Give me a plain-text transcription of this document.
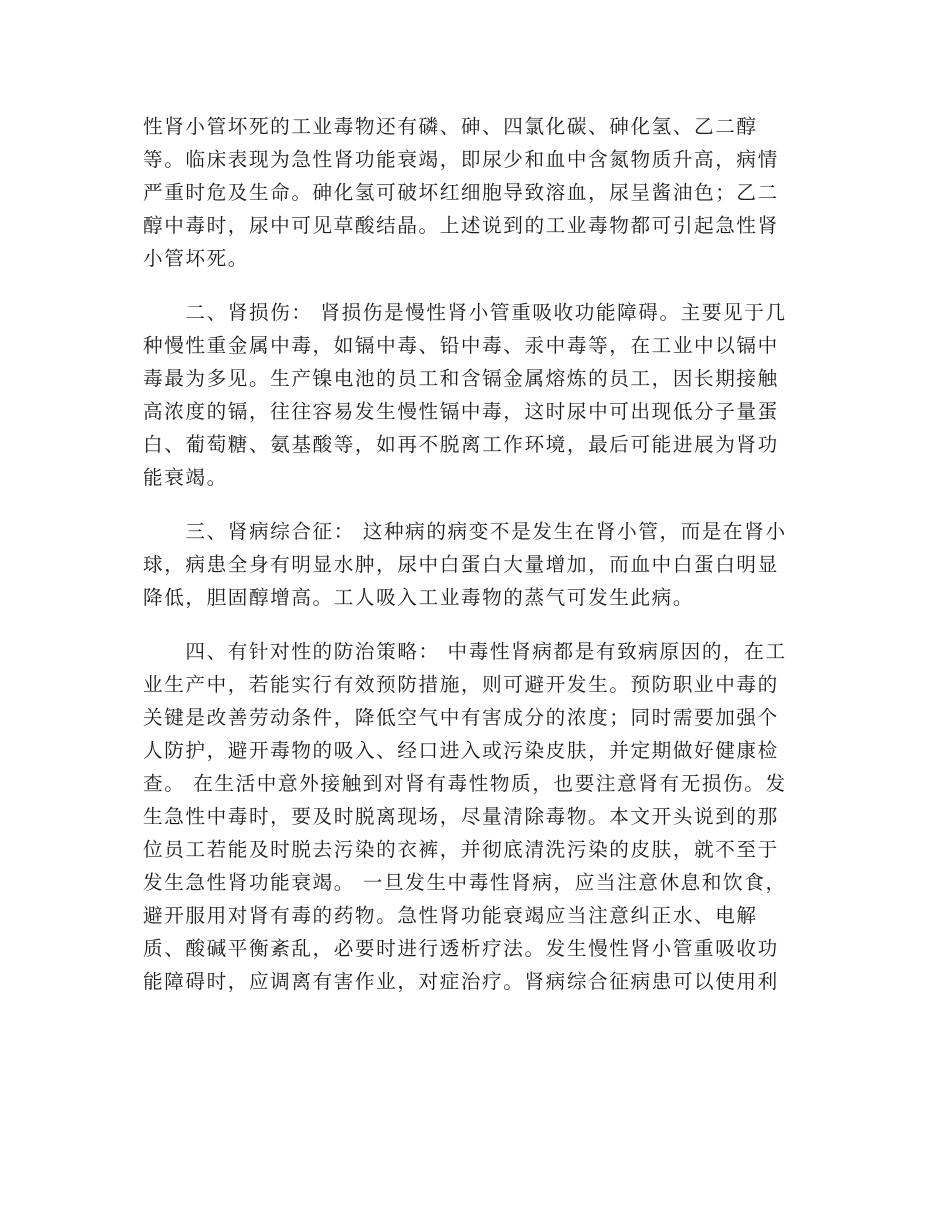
性肾小管坏死的工业毒物还有磷、砷、四氯化碳、砷化氢、乙二醇
等。临床表现为急性肾功能衰竭，即尿少和血中含氮物质升高，病情
严重时危及生命。砷化氢可破坏红细胞导致溶血，尿呈酱油色；乙二
醇中毒时，尿中可见草酸结晶。上述说到的工业毒物都可引起急性肾
小管坏死。
　　二、肾损伤： 肾损伤是慢性肾小管重吸收功能障碍。主要见于几
种慢性重金属中毒，如镉中毒、铅中毒、汞中毒等，在工业中以镉中
毒最为多见。生产镍电池的员工和含镉金属熔炼的员工，因长期接触
高浓度的镉，往往容易发生慢性镉中毒，这时尿中可出现低分子量蛋
白、葡萄糖、氨基酸等，如再不脱离工作环境，最后可能进展为肾功
能衰竭。
　　三、肾病综合征： 这种病的病变不是发生在肾小管，而是在肾小
球，病患全身有明显水肿，尿中白蛋白大量增加，而血中白蛋白明显
降低，胆固醇增高。工人吸入工业毒物的蒸气可发生此病。
　　四、有针对性的防治策略： 中毒性肾病都是有致病原因的，在工
业生产中，若能实行有效预防措施，则可避开发生。预防职业中毒的
关键是改善劳动条件，降低空气中有害成分的浓度；同时需要加强个
人防护，避开毒物的吸入、经口进入或污染皮肤，并定期做好健康检
查。 在生活中意外接触到对肾有毒性物质，也要注意肾有无损伤。发
生急性中毒时，要及时脱离现场，尽量清除毒物。本文开头说到的那
位员工若能及时脱去污染的衣裤，并彻底清洗污染的皮肤，就不至于
发生急性肾功能衰竭。 一旦发生中毒性肾病，应当注意休息和饮食，
避开服用对肾有毒的药物。急性肾功能衰竭应当注意纠正水、电解
质、酸碱平衡紊乱，必要时进行透析疗法。发生慢性肾小管重吸收功
能障碍时，应调离有害作业，对症治疗。肾病综合征病患可以使用利
